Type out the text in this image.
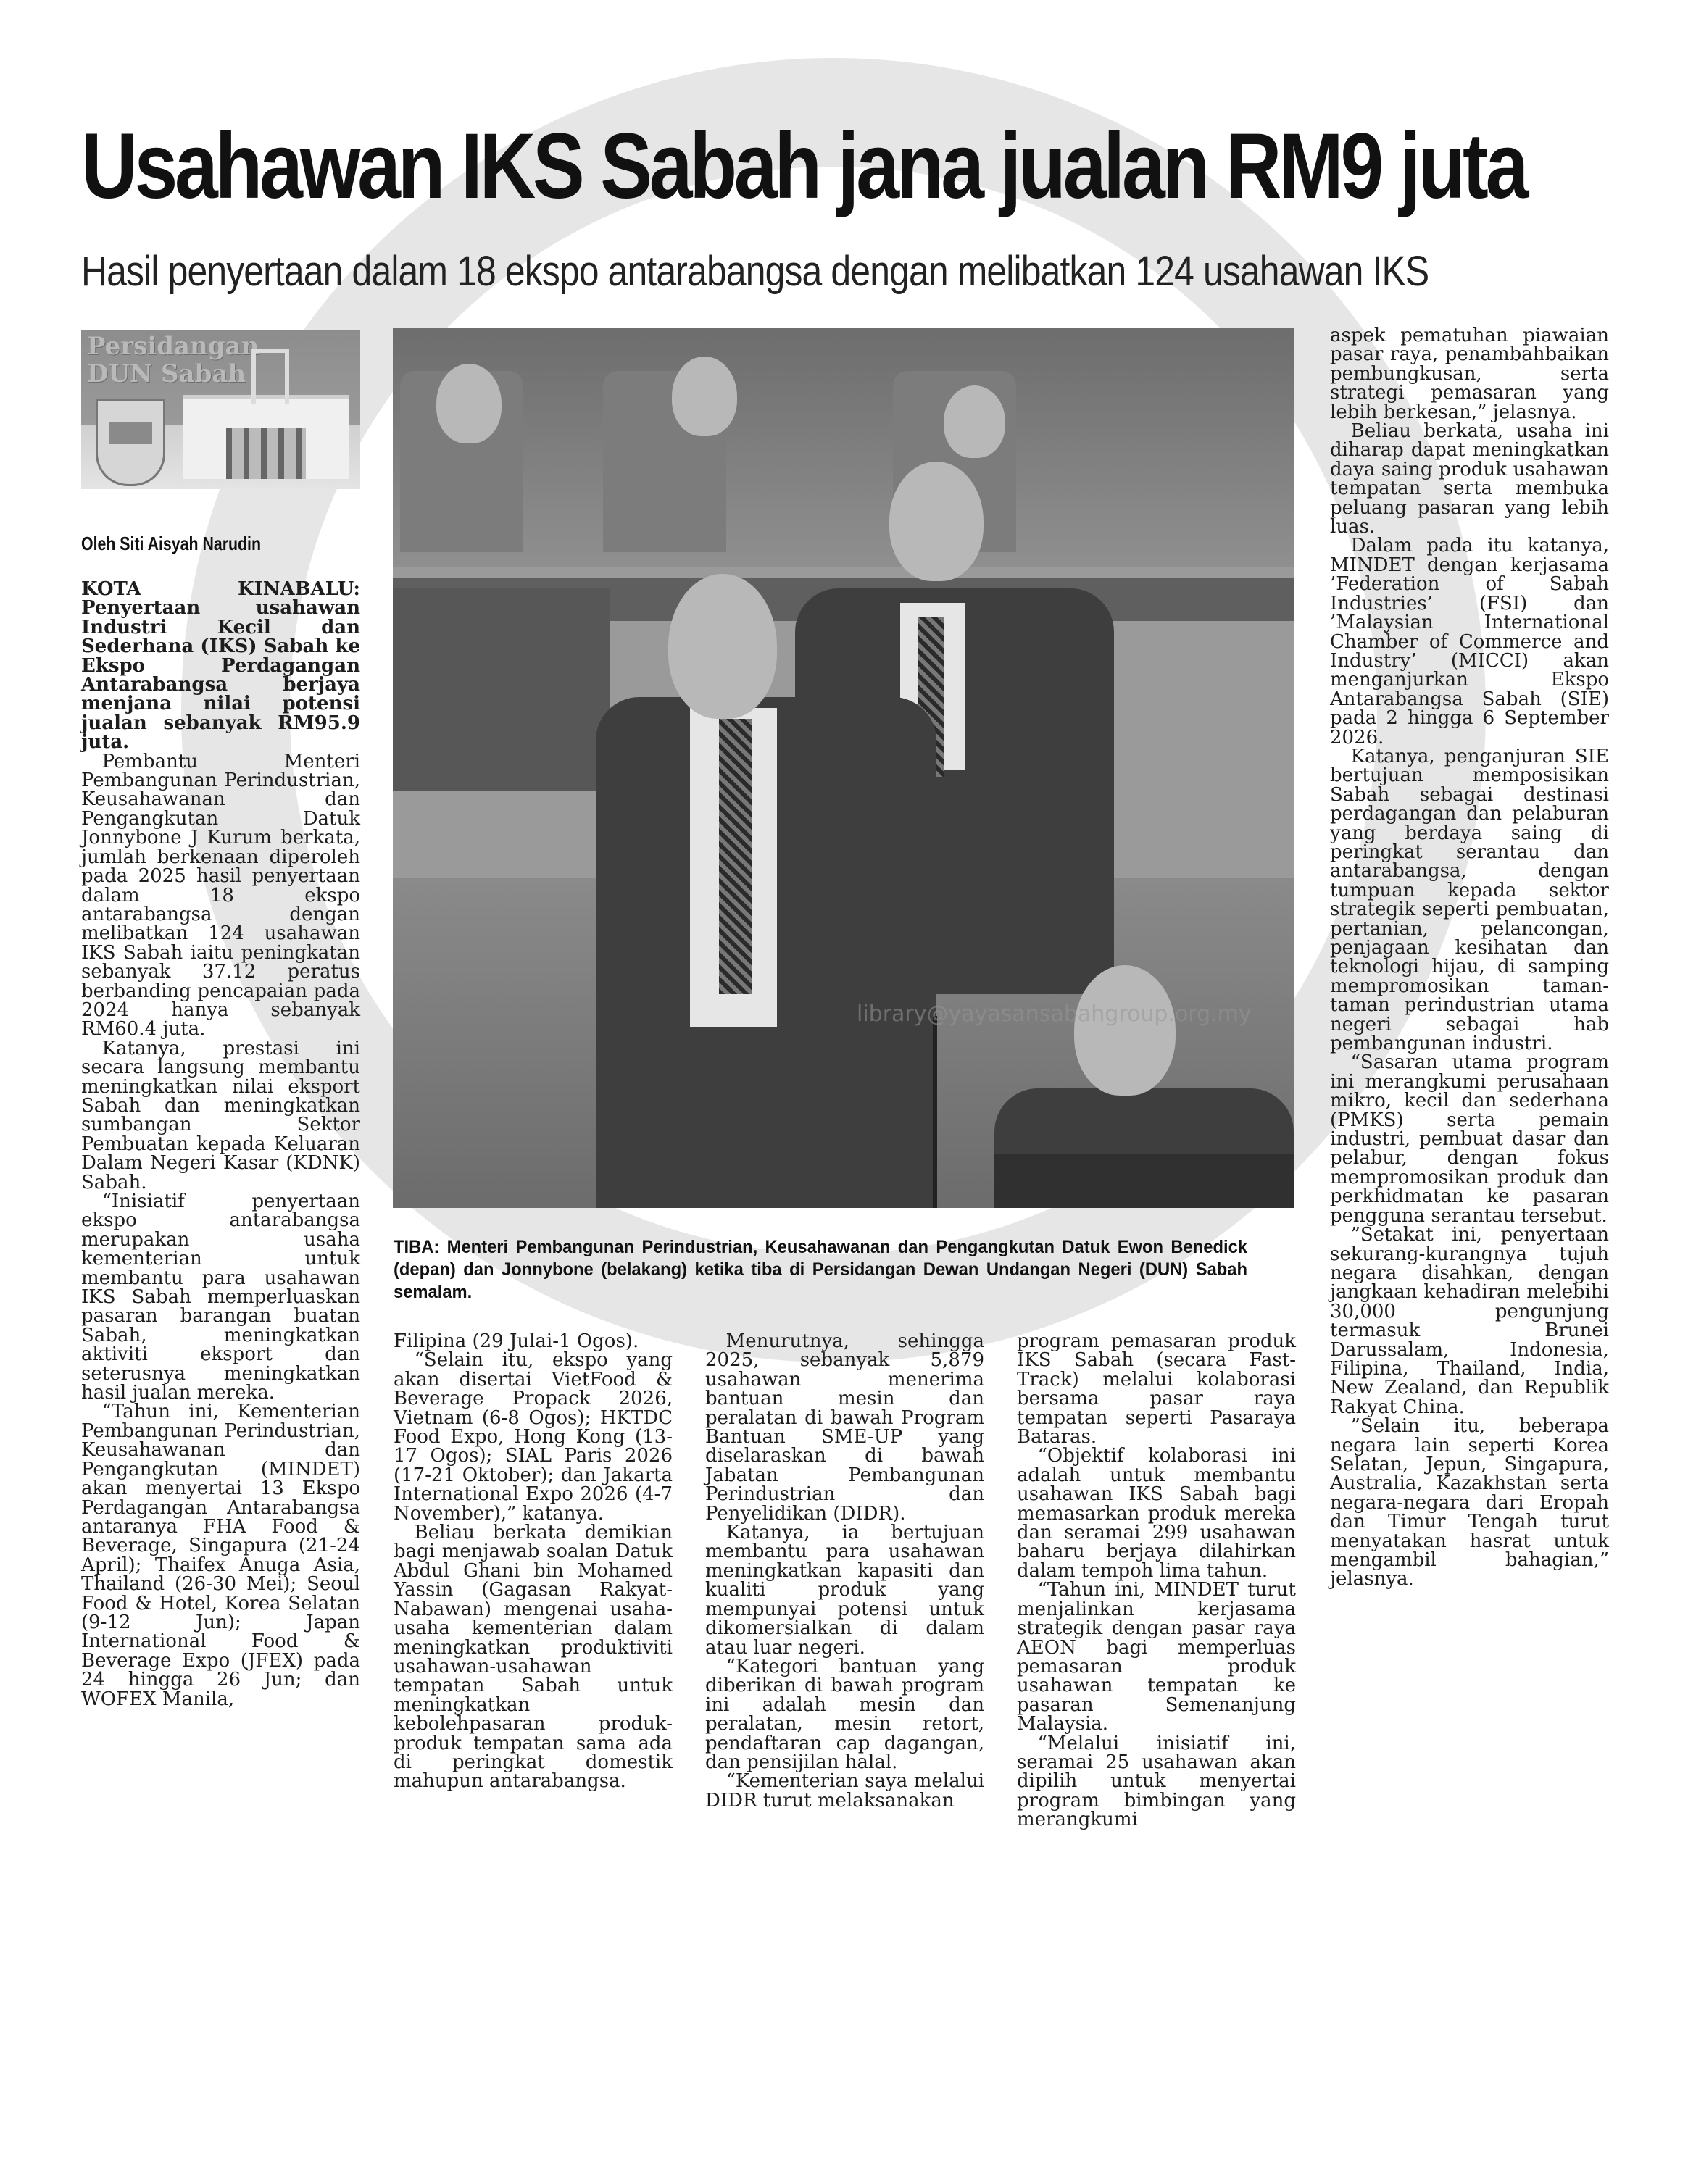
Usahawan IKS Sabah jana jualan RM9 juta
Hasil penyertaan dalam 18 ekspo antarabangsa dengan melibatkan 124 usahawan IKS
Persidangan
DUN Sabah
Oleh Siti Aisyah Narudin

KOTA KINABALU: Penyertaan usahawan Industri Kecil dan Sederhana (IKS) Sabah ke Ekspo Perdagangan Antarabangsa berjaya menjana nilai potensi jualan sebanyak RM95.9 juta.

Pembantu Menteri Pembangunan Perindustrian, Keusahawanan dan Pengangkutan Datuk Jonnybone J Kurum berkata, jumlah berkenaan diperoleh pada 2025 hasil penyertaan dalam 18 ekspo antarabangsa dengan melibatkan 124 usahawan IKS Sabah iaitu peningkatan sebanyak 37.12 peratus berbanding pencapaian pada 2024 hanya sebanyak RM60.4 juta.

Katanya, prestasi ini secara langsung membantu meningkatkan nilai eksport Sabah dan meningkatkan sumbangan Sektor Pembuatan kepada Keluaran Dalam Negeri Kasar (KDNK) Sabah.

“Inisiatif penyertaan ekspo antarabangsa merupakan usaha kementerian untuk membantu para usahawan IKS Sabah memperluaskan pasaran barangan buatan Sabah, meningkatkan aktiviti eksport dan seterusnya meningkatkan hasil jualan mereka.

“Tahun ini, Kementerian Pembangunan Perindustrian, Keusahawanan dan Pengangkutan (MINDET) akan menyertai 13 Ekspo Perdagangan Antarabangsa antaranya FHA Food & Beverage, Singapura (21-24 April); Thaifex Anuga Asia, Thailand (26-30 Mei); Seoul Food & Hotel, Korea Selatan (9-12 Jun); Japan International Food & Beverage Expo (JFEX) pada 24 hingga 26 Jun; dan WOFEX Manila,

library@yayasansabahgroup.org.my
TIBA: Menteri Pembangunan Perindustrian, Keusahawanan dan Pengangkutan Datuk Ewon Benedick (depan) dan Jonnybone (belakang) ketika tiba di Persidangan Dewan Undangan Negeri (DUN) Sabah semalam.

Filipina (29 Julai-1 Ogos).

“Selain itu, ekspo yang akan disertai VietFood & Beverage Propack 2026, Vietnam (6-8 Ogos); HKTDC Food Expo, Hong Kong (13-17 Ogos); SIAL Paris 2026 (17-21 Oktober); dan Jakarta International Expo 2026 (4-7 November),” katanya.

Beliau berkata demikian bagi menjawab soalan Datuk Abdul Ghani bin Mohamed Yassin (Gagasan Rakyat-Nabawan) mengenai usaha-usaha kementerian dalam meningkatkan produktiviti usahawan-usahawan tempatan Sabah untuk meningkatkan kebolehpasaran produk-produk tempatan sama ada di peringkat domestik mahupun antarabangsa.

Menurutnya, sehingga 2025, sebanyak 5,879 usahawan menerima bantuan mesin dan peralatan di bawah Program Bantuan SME-UP yang diselaraskan di bawah Jabatan Pembangunan Perindustrian dan Penyelidikan (DIDR).

Katanya, ia bertujuan membantu para usahawan meningkatkan kapasiti dan kualiti produk yang mempunyai potensi untuk dikomersialkan di dalam atau luar negeri.

“Kategori bantuan yang diberikan di bawah program ini adalah mesin dan peralatan, mesin retort, pendaftaran cap dagangan, dan pensijilan halal.

“Kementerian saya melalui DIDR turut melaksanakan

program pemasaran produk IKS Sabah (secara Fast-Track) melalui kolaborasi bersama pasar raya tempatan seperti Pasaraya Bataras.

“Objektif kolaborasi ini adalah untuk membantu usahawan IKS Sabah bagi memasarkan produk mereka dan seramai 299 usahawan baharu berjaya dilahirkan dalam tempoh lima tahun.

“Tahun ini, MINDET turut menjalinkan kerjasama strategik dengan pasar raya AEON bagi memperluas pemasaran produk usahawan tempatan ke pasaran Semenanjung Malaysia.

“Melalui inisiatif ini, seramai 25 usahawan akan dipilih untuk menyertai program bimbingan yang merangkumi

aspek pematuhan piawaian pasar raya, penambahbaikan pembungkusan, serta strategi pemasaran yang lebih berkesan,” jelasnya.

Beliau berkata, usaha ini diharap dapat meningkatkan daya saing produk usahawan tempatan serta membuka peluang pasaran yang lebih luas.

Dalam pada itu katanya, MINDET dengan kerjasama ’Federation of Sabah Industries’ (FSI) dan ’Malaysian International Chamber of Commerce and Industry’ (MICCI) akan menganjurkan Ekspo Antarabangsa Sabah (SIE) pada 2 hingga 6 September 2026.

Katanya, penganjuran SIE bertujuan memposisikan Sabah sebagai destinasi perdagangan dan pelaburan yang berdaya saing di peringkat serantau dan antarabangsa, dengan tumpuan kepada sektor strategik seperti pembuatan, pertanian, pelancongan, penjagaan kesihatan dan teknologi hijau, di samping mempromosikan taman-taman perindustrian utama negeri sebagai hab pembangunan industri.

“Sasaran utama program ini merangkumi perusahaan mikro, kecil dan sederhana (PMKS) serta pemain industri, pembuat dasar dan pelabur, dengan fokus mempromosikan produk dan perkhidmatan ke pasaran pengguna serantau tersebut.

”Setakat ini, penyertaan sekurang-kurangnya tujuh negara disahkan, dengan jangkaan kehadiran melebihi 30,000 pengunjung termasuk Brunei Darussalam, Indonesia, Filipina, Thailand, India, New Zealand, dan Republik Rakyat China.

”Selain itu, beberapa negara lain seperti Korea Selatan, Jepun, Singapura, Australia, Kazakhstan serta negara-negara dari Eropah dan Timur Tengah turut menyatakan hasrat untuk mengambil bahagian,” jelasnya.
